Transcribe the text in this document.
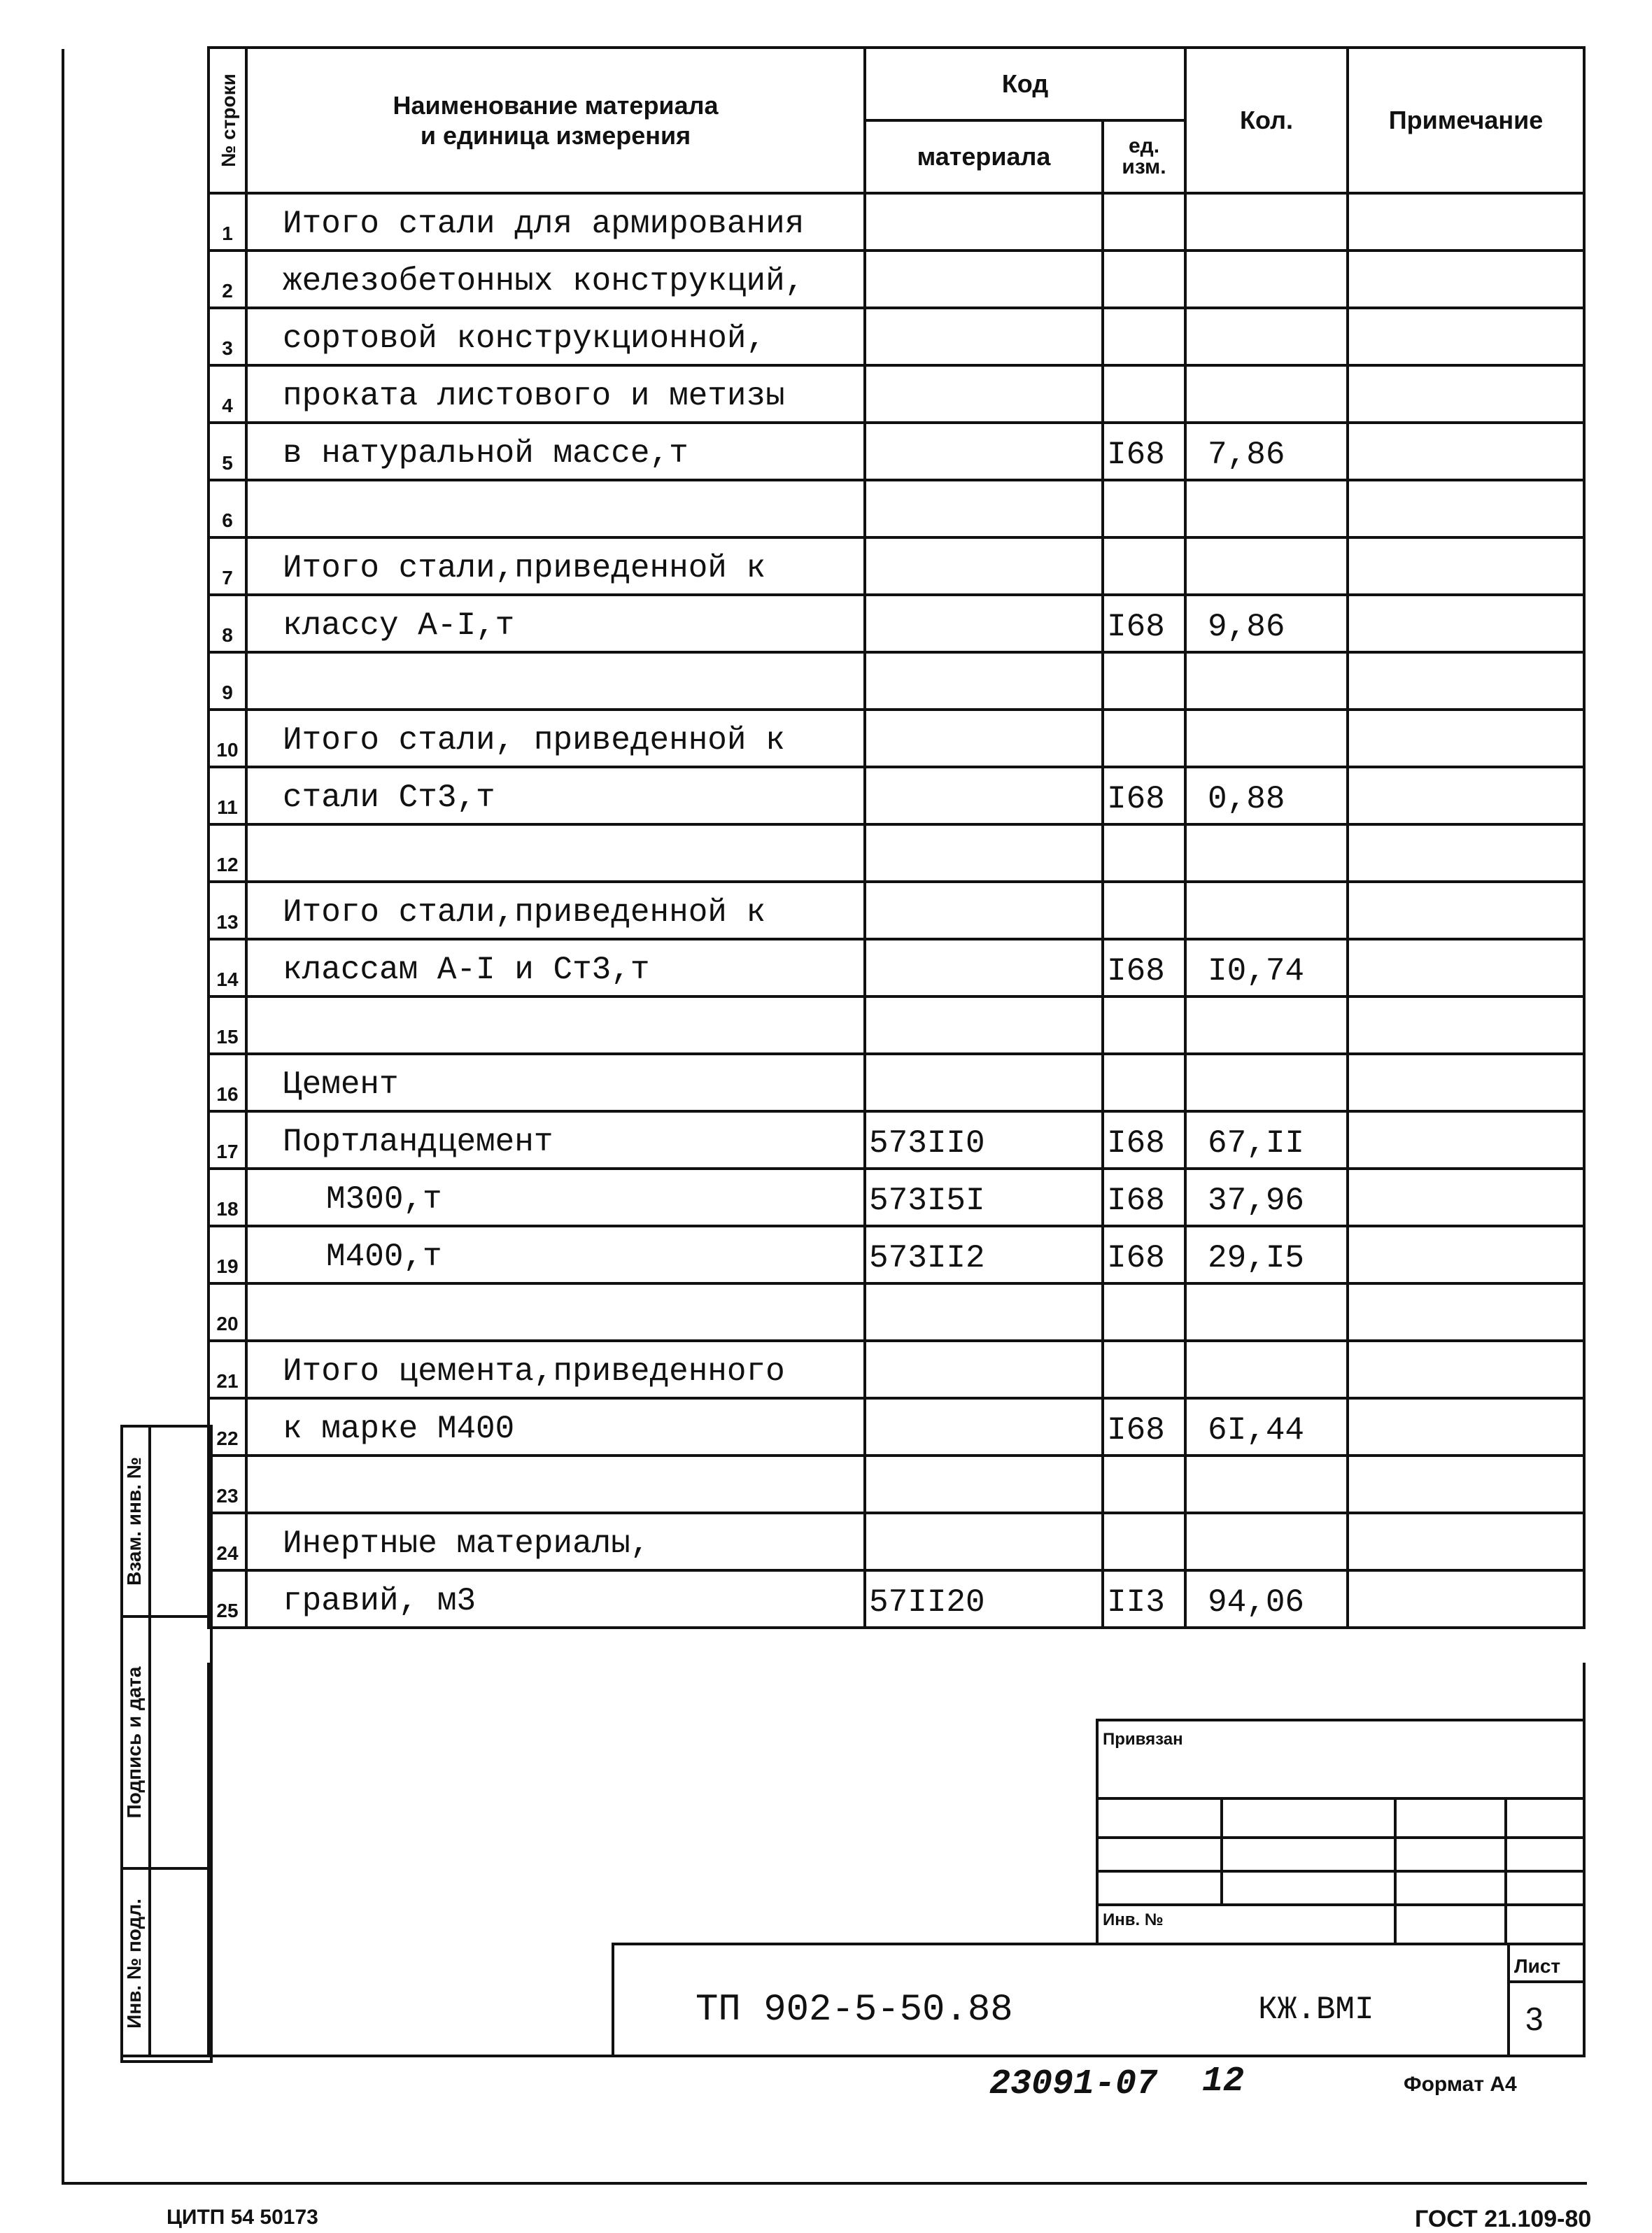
№ строки	Наименование материала и единица измерения	Код		Кол.	Примечание
		материала	ед. изм.		

1	Итого стали для армирования				
2	железобетонных конструкций,				
3	сортовой конструкционной,				
4	проката листового и метизы				
5	в натуральной массе,т		I68	7,86	
6					
7	Итого стали,приведенной к				
8	классу А-I,т		I68	9,86	
9					
10	Итого стали, приведенной к				
11	стали Ст3,т		I68	0,88	
12					
13	Итого стали,приведенной к				
14	классам А-I и Ст3,т		I68	I0,74	
15					
16	Цемент				
17	Портландцемент	573II0	I68	67,II	
18	М300,т	573I5I	I68	37,96	
19	М400,т	573II2	I68	29,I5	
20					
21	Итого цемента,приведенного				
22	к марке М400		I68	6I,44	
23					
24	Инертные материалы,				
25	гравий, м3	57II20	II3	94,06	
Взам. инв. №
Подпись и дата
Инв. № подл.
Привязан
Инв. №
ТП 902-5-50.88	КЖ.ВМI
Лист
3
23091-07 12	Формат А4
ЦИТП 54 50173	ГОСТ 21.109-80
